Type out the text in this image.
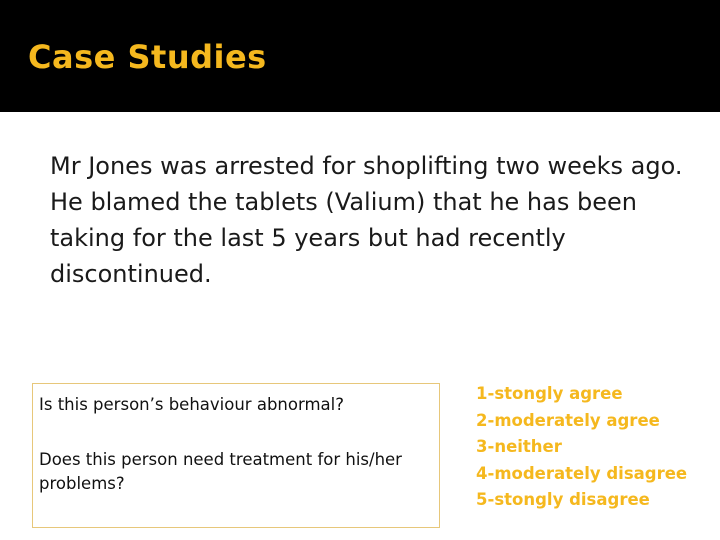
Case Studies
Mr Jones was arrested for shoplifting two weeks ago. He blamed the tablets (Valium) that he has been taking for the last 5 years but had recently discontinued.
Is this person’s behaviour abnormal?
Does this person need treatment for his/her problems?
1-stongly agree
2-moderately agree
3-neither
4-moderately disagree
5-stongly disagree
